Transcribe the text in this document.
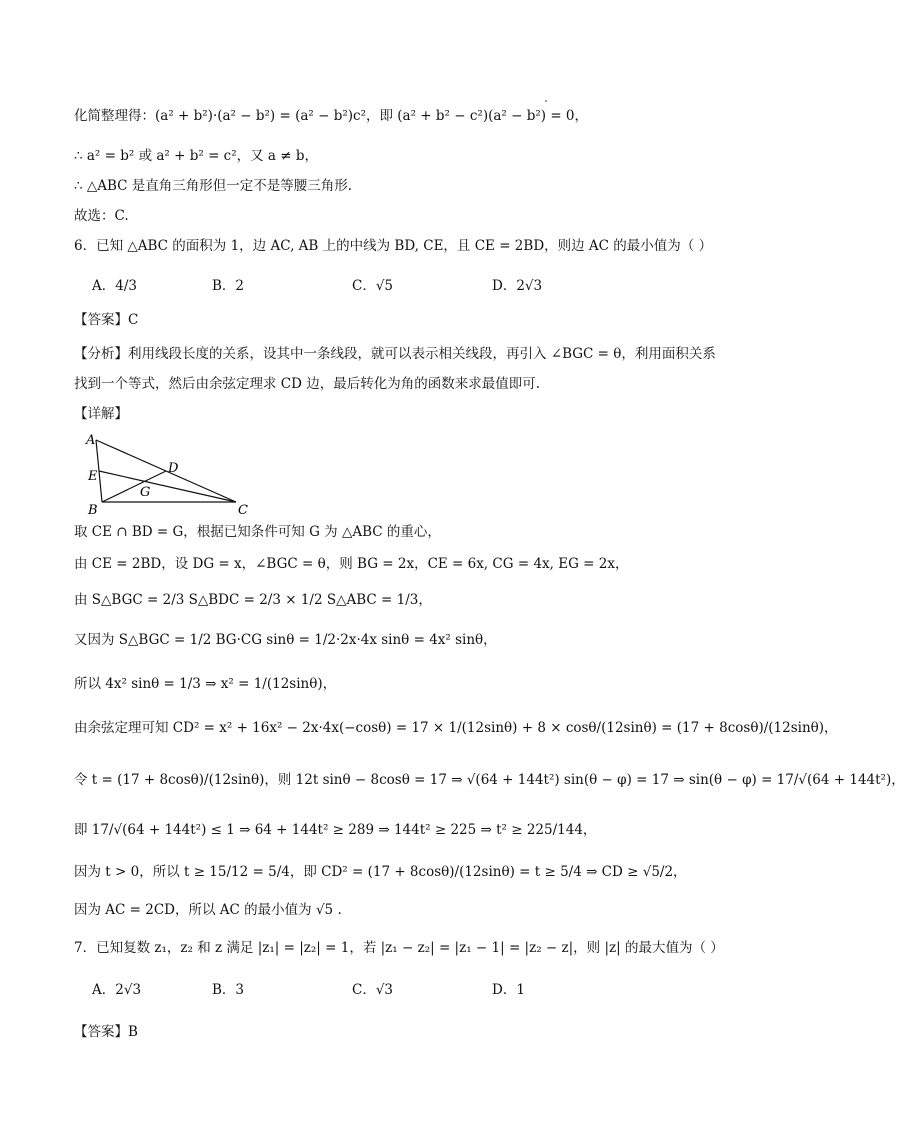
化简整理得：(a² + b²)·(a² − b²) = (a² − b²)c²，即 (a² + b² − c²)(a² − b²) = 0，
∴ a² = b² 或 a² + b² = c²，又 a ≠ b，
∴ △ABC 是直角三角形但一定不是等腰三角形.
故选：C.
6．已知 △ABC 的面积为 1，边 AC, AB 上的中线为 BD, CE，且 CE = 2BD，则边 AC 的最小值为（ ）
【答案】C
【分析】利用线段长度的关系，设其中一条线段，就可以表示相关线段，再引入 ∠BGC = θ，利用面积关系
找到一个等式，然后由余弦定理求 CD 边，最后转化为角的函数来求最值即可.
【详解】
取 CE ∩ BD = G，根据已知条件可知 G 为 △ABC 的重心，
由 CE = 2BD，设 DG = x，∠BGC = θ，则 BG = 2x，CE = 6x, CG = 4x, EG = 2x，
由 S△BGC = 2/3 S△BDC = 2/3 × 1/2 S△ABC = 1/3，
又因为 S△BGC = 1/2 BG·CG sinθ = 1/2·2x·4x sinθ = 4x² sinθ，
所以 4x² sinθ = 1/3 ⇒ x² = 1/(12sinθ)，
由余弦定理可知 CD² = x² + 16x² − 2x·4x(−cosθ) = 17 × 1/(12sinθ) + 8 × cosθ/(12sinθ) = (17 + 8cosθ)/(12sinθ)，
令 t = (17 + 8cosθ)/(12sinθ)，则 12t sinθ − 8cosθ = 17 ⇒ √(64 + 144t²) sin(θ − φ) = 17 ⇒ sin(θ − φ) = 17/√(64 + 144t²)，
即 17/√(64 + 144t²) ≤ 1 ⇒ 64 + 144t² ≥ 289 ⇒ 144t² ≥ 225 ⇒ t² ≥ 225/144，
因为 t > 0，所以 t ≥ 15/12 = 5/4，即 CD² = (17 + 8cosθ)/(12sinθ) = t ≥ 5/4 ⇒ CD ≥ √5/2，
因为 AC = 2CD，所以 AC 的最小值为 √5 .
7．已知复数 z₁，z₂ 和 z 满足 |z₁| = |z₂| = 1，若 |z₁ − z₂| = |z₁ − 1| = |z₂ − z|，则 |z| 的最大值为（ ）
【答案】B
A．4/3	B．2	C．√5	D．2√3
A．2√3	B．3	C．√3	D．1
A
E
B
D
G
C
